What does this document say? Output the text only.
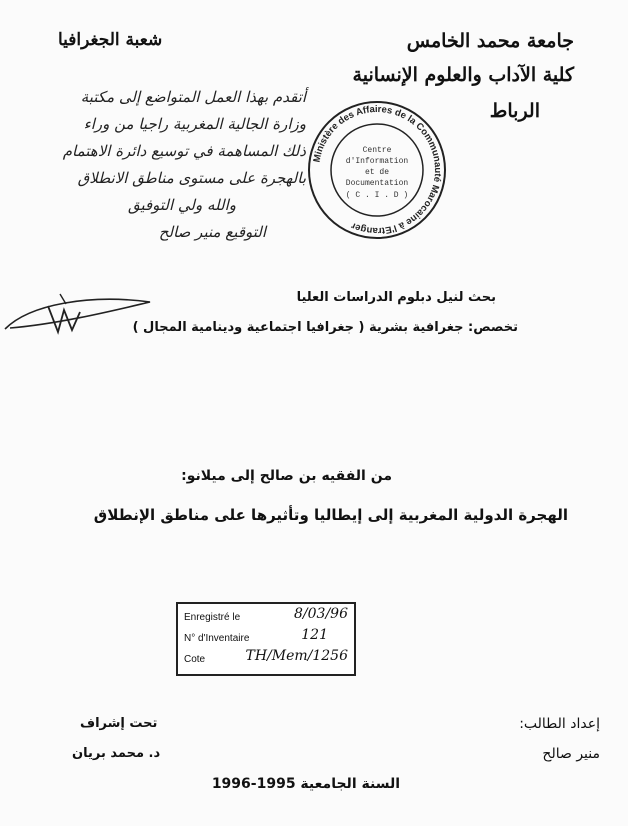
جامعة محمد الخامس
كلية الآداب والعلوم الإنسانية
الرباط
شعبة الجغرافيا
أتقدم بهذا العمل المتواضع إلى مكتبة
وزارة الجالية المغربية راجيا من وراء
ذلك المساهمة في توسيع دائرة الاهتمام
بالهجرة على مستوى مناطق الانطلاق
والله ولي التوفيق
التوقيع منير صالح
Ministère des Affaires de la Communauté Marocaine à l'Etranger
Centre
d'Information
et de
Documentation
( C . I . D )
بحث لنيل دبلوم الدراسات العليا
تخصص: جغرافية بشرية ( جغرافيا اجتماعية ودينامية المجال )
من الفقيه بن صالح إلى ميلانو:
الهجرة الدولية المغربية إلى إيطاليا وتأثيرها على مناطق الإنطلاق
Enregistré le	8/03/96
N° d'Inventaire	121
Cote	TH/Mem/1256
إعداد الطالب:
منير صالح
تحت إشراف
د. محمد بريان
السنة الجامعية 1995-1996
